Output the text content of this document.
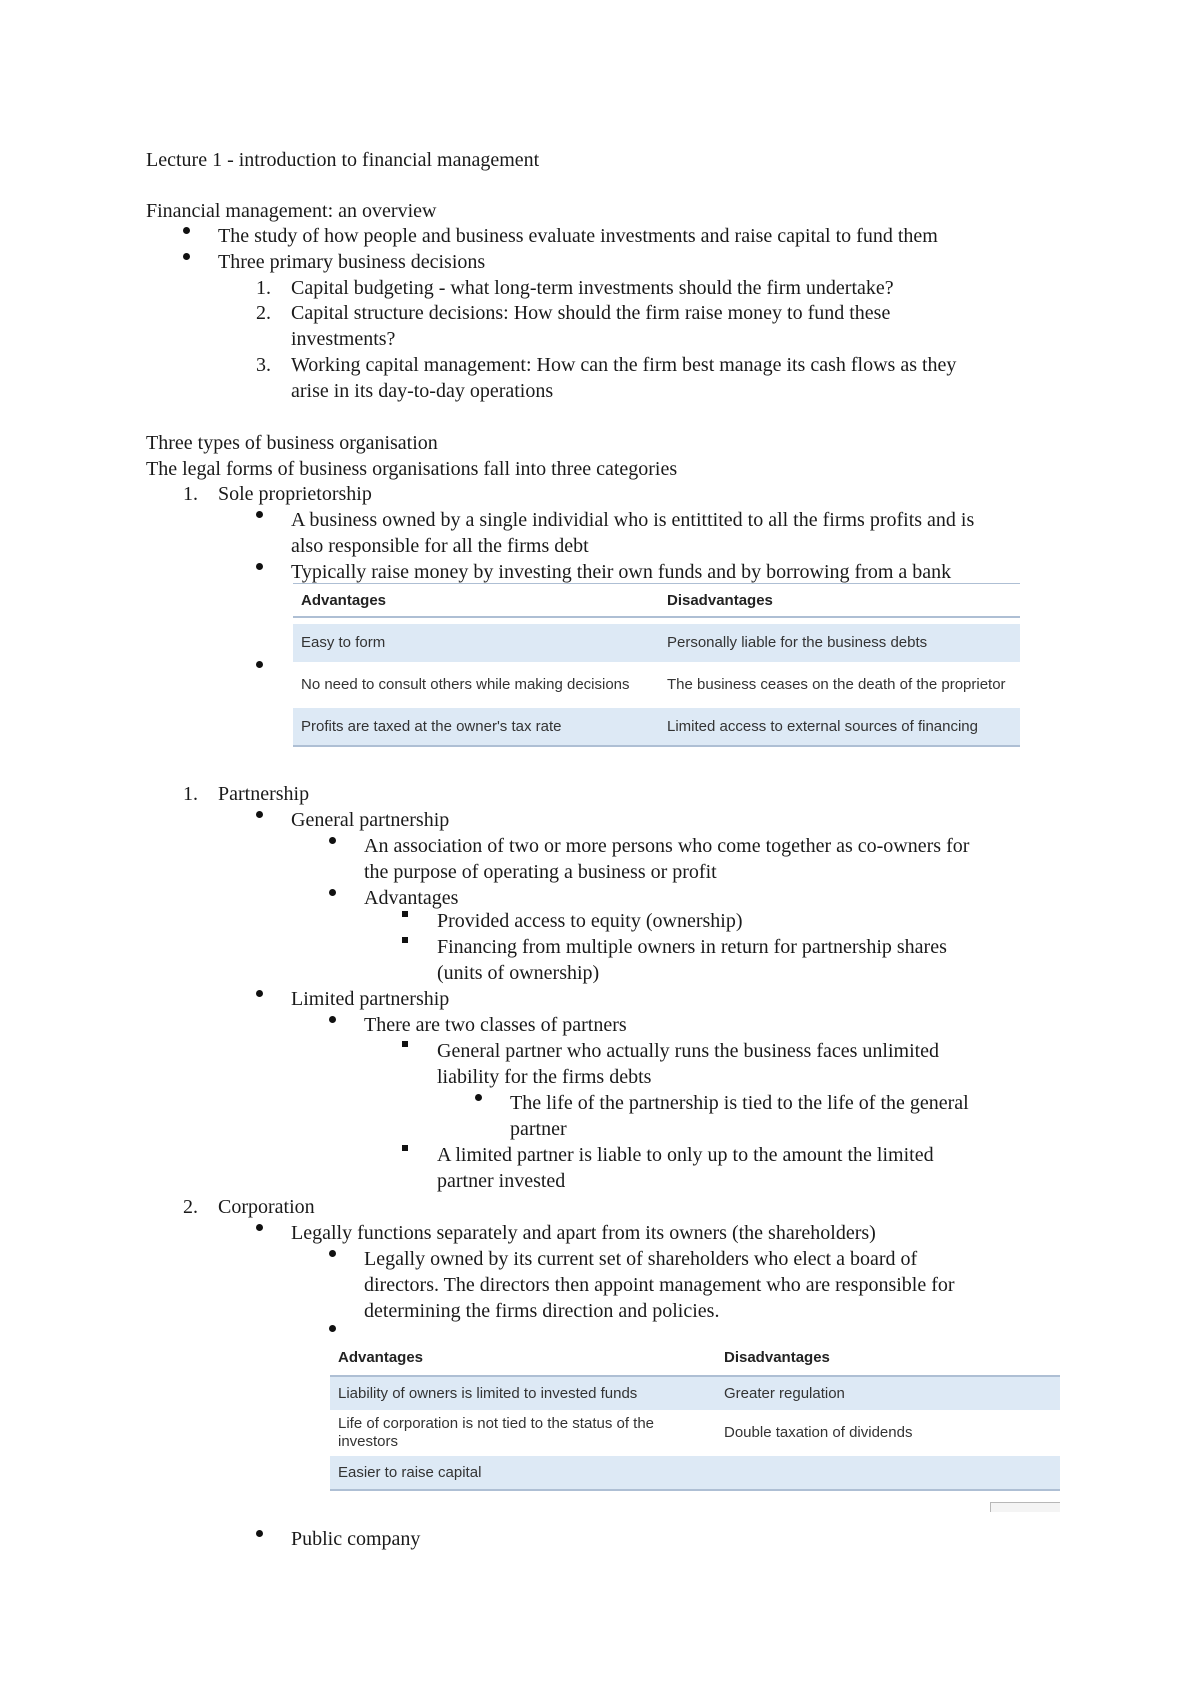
Lecture 1 - introduction to financial management
Financial management: an overview
The study of how people and business evaluate investments and raise capital to fund them
Three primary business decisions
1. Capital budgeting - what long-term investments should the firm undertake?
2. Capital structure decisions: How should the firm raise money to fund these
investments?
3. Working capital management: How can the firm best manage its cash flows as they
arise in its day-to-day operations
Three types of business organisation
The legal forms of business organisations fall into three categories
1. Sole proprietorship
A business owned by a single individial who is entittited to all the firms profits and is
also responsible for all the firms debt
Typically raise money by investing their own funds and by borrowing from a bank
Advantages	Disadvantages

Easy to form	Personally liable for the business debts
No need to consult others while making decisions	The business ceases on the death of the proprietor
Profits are taxed at the owner's tax rate	Limited access to external sources of financing
1. Partnership
General partnership
An association of two or more persons who come together as co-owners for
the purpose of operating a business or profit
Advantages
Provided access to equity (ownership)
Financing from multiple owners in return for partnership shares
(units of ownership)
Limited partnership
There are two classes of partners
General partner who actually runs the business faces unlimited
liability for the firms debts
The life of the partnership is tied to the life of the general
partner
A limited partner is liable to only up to the amount the limited
partner invested
2. Corporation
Legally functions separately and apart from its owners (the shareholders)
Legally owned by its current set of shareholders who elect a board of
directors. The directors then appoint management who are responsible for
determining the firms direction and policies.
Advantages	Disadvantages
Liability of owners is limited to invested funds	Greater regulation
Life of corporation is not tied to the status of the investors	Double taxation of dividends
Easier to raise capital	
Public company
